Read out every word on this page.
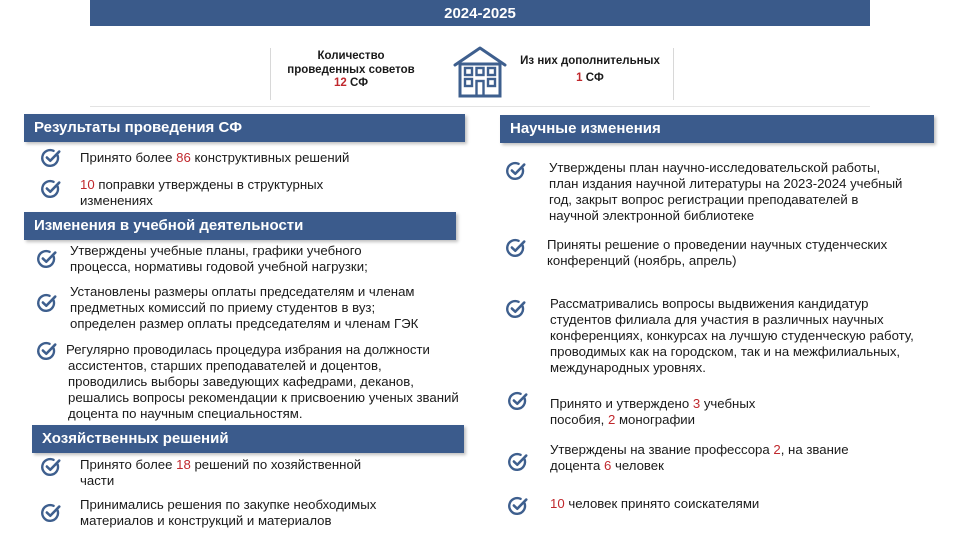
2024-2025
Количество
проведенных советов
12 СФ
Из них дополнительных
1 СФ
Результаты проведения СФ
Принято более 86 конструктивных решений
10 поправки утверждены в структурных
изменениях
Изменения в учебной деятельности
Утверждены учебные планы, графики учебного
процесса, нормативы годовой учебной нагрузки;
Установлены размеры оплаты председателям и членам
предметных комиссий по приему студентов в вуз;
определен размер оплаты председателям и членам ГЭК
Регулярно проводилась процедура избрания на должности
ассистентов, старших преподавателей и доцентов,
проводились выборы заведующих кафедрами, деканов,
решались вопросы рекомендации к присвоению ученых званий
доцента по научным специальностям.
Хозяйственных решений
Принято более 18 решений по хозяйственной
части
Принимались решения по закупке необходимых
материалов и конструкций и материалов
Научные изменения
Утверждены план научно-исследовательской работы,
план издания научной литературы на 2023-2024 учебный
год, закрыт вопрос регистрации преподавателей в
научной электронной библиотеке
Приняты решение о проведении научных студенческих
конференций (ноябрь, апрель)
Рассматривались вопросы выдвижения кандидатур
студентов филиала для участия в различных научных
конференциях, конкурсах на лучшую студенческую работу,
проводимых как на городском, так и на межфилиальных,
международных уровнях.
Принято и утверждено 3 учебных
пособия, 2 монографии
Утверждены на звание профессора 2, на звание
доцента 6 человек
10 человек принято соискателями
